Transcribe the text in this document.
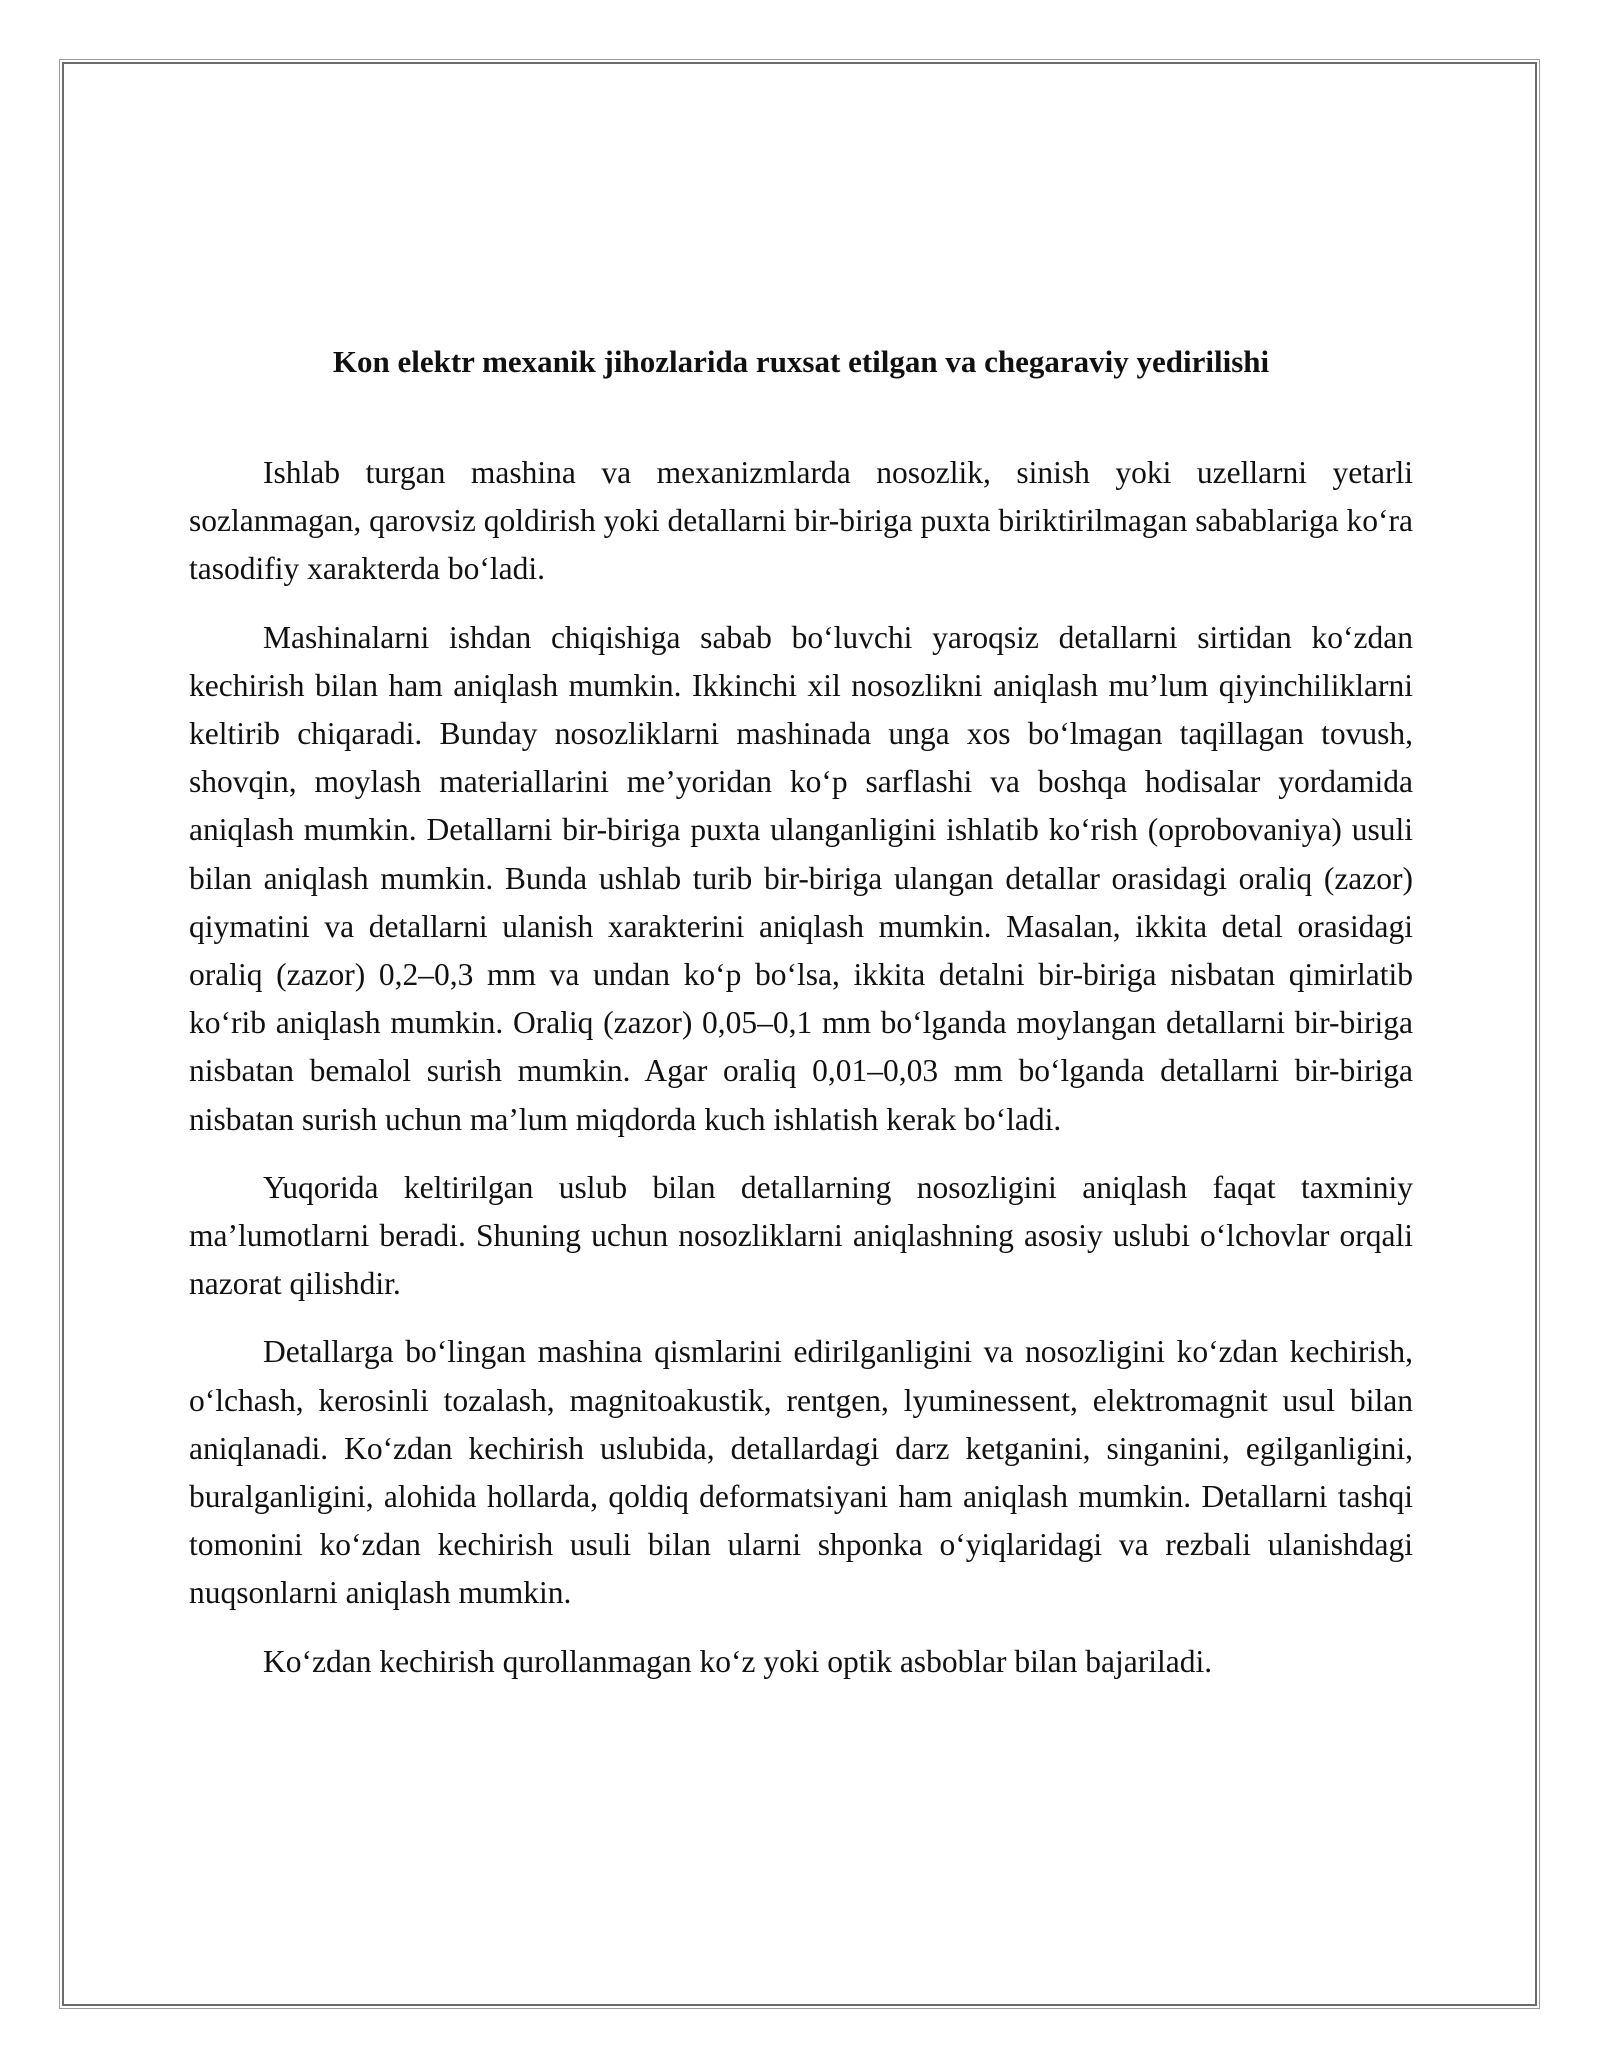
Kon elektr mexanik jihozlarida ruxsat etilgan va chegaraviy yedirilishi

Ishlab turgan mashina va mexanizmlarda nosozlik, sinish yoki uzellarni yetarli sozlanmagan, qarovsiz qoldirish yoki detallarni bir-biriga puxta biriktirilmagan sabablariga koʻra tasodifiy xarakterda boʻladi.

Mashinalarni ishdan chiqishiga sabab boʻluvchi yaroqsiz detallarni sirtidan koʻzdan kechirish bilan ham aniqlash mumkin. Ikkinchi xil nosozlikni aniqlash mu’lum qiyinchiliklarni keltirib chiqaradi. Bunday nosozliklarni mashinada unga xos boʻlmagan taqillagan tovush, shovqin, moylash materiallarini me’yoridan koʻp sarflashi va boshqa hodisalar yordamida aniqlash mumkin. Detallarni bir-biriga puxta ulanganligini ishlatib koʻrish (oprobovaniya) usuli bilan aniqlash mumkin. Bunda ushlab turib bir-biriga ulangan detallar orasidagi oraliq (zazor) qiymatini va detallarni ulanish xarakterini aniqlash mumkin. Masalan, ikkita detal orasidagi oraliq (zazor) 0,2–0,3 mm va undan koʻp boʻlsa, ikkita detalni bir-biriga nisbatan qimirlatib koʻrib aniqlash mumkin. Oraliq (zazor) 0,05–0,1 mm boʻlganda moylangan detallarni bir-biriga nisbatan bemalol surish mumkin. Agar oraliq 0,01–0,03 mm boʻlganda detallarni bir-biriga nisbatan surish uchun ma’lum miqdorda kuch ishlatish kerak boʻladi.

Yuqorida keltirilgan uslub bilan detallarning nosozligini aniqlash faqat taxminiy ma’lumotlarni beradi. Shuning uchun nosozliklarni aniqlashning asosiy uslubi oʻlchovlar orqali nazorat qilishdir.

Detallarga boʻlingan mashina qismlarini edirilganligini va nosozligini koʻzdan kechirish, oʻlchash, kerosinli tozalash, magnitoakustik, rentgen, lyuminessent, elektromagnit usul bilan aniqlanadi. Koʻzdan kechirish uslubida, detallardagi darz ketganini, singanini, egilganligini, buralganligini, alohida hollarda, qoldiq deformatsiyani ham aniqlash mumkin. Detallarni tashqi tomonini koʻzdan kechirish usuli bilan ularni shponka oʻyiqlaridagi va rezbali ulanishdagi nuqsonlarni aniqlash mumkin.

Koʻzdan kechirish qurollanmagan koʻz yoki optik asboblar bilan bajariladi.
